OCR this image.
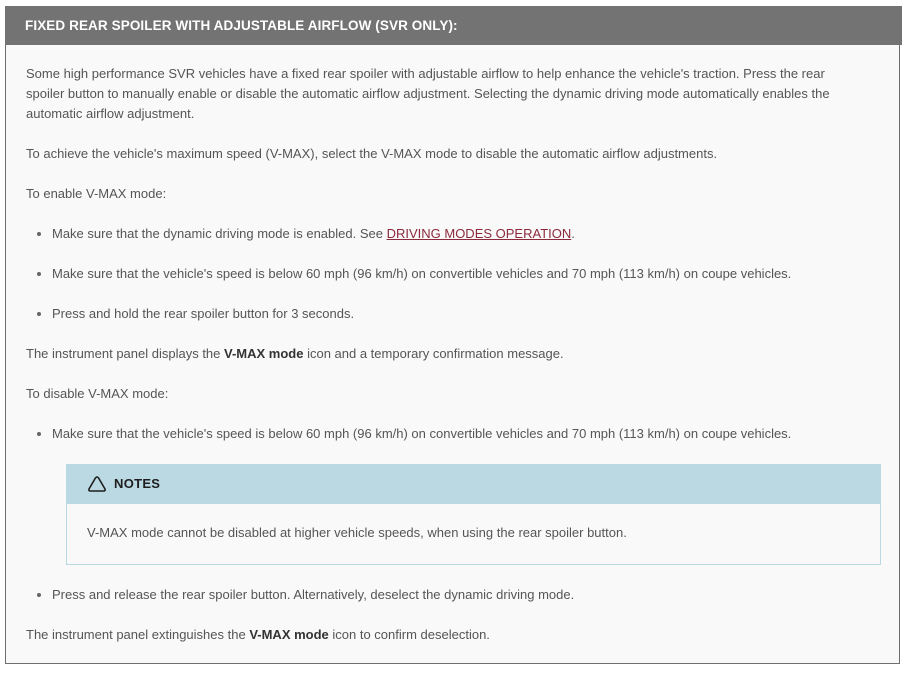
FIXED REAR SPOILER WITH ADJUSTABLE AIRFLOW (SVR ONLY):

Some high performance SVR vehicles have a fixed rear spoiler with adjustable airflow to help enhance the vehicle's traction. Press the rear spoiler button to manually enable or disable the automatic airflow adjustment. Selecting the dynamic driving mode automatically enables the automatic airflow adjustment.

To achieve the vehicle's maximum speed (V-MAX), select the V-MAX mode to disable the automatic airflow adjustments.

To enable V-MAX mode:

Make sure that the dynamic driving mode is enabled. See DRIVING MODES OPERATION.
Make sure that the vehicle's speed is below 60 mph (96 km/h) on convertible vehicles and 70 mph (113 km/h) on coupe vehicles.
Press and hold the rear spoiler button for 3 seconds.

The instrument panel displays the V-MAX mode icon and a temporary confirmation message.

To disable V-MAX mode:

Make sure that the vehicle's speed is below 60 mph (96 km/h) on convertible vehicles and 70 mph (113 km/h) on coupe vehicles.
NOTES
V-MAX mode cannot be disabled at higher vehicle speeds, when using the rear spoiler button.
Press and release the rear spoiler button. Alternatively, deselect the dynamic driving mode.

The instrument panel extinguishes the V-MAX mode icon to confirm deselection.
